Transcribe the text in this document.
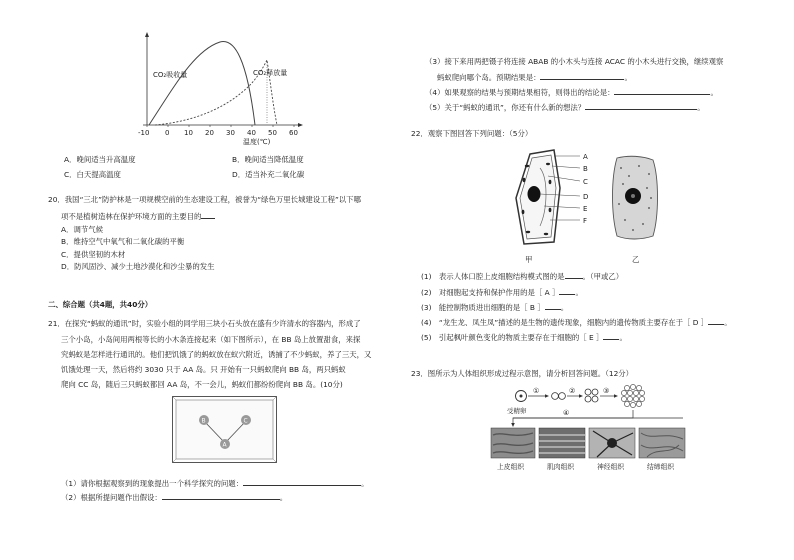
-10 0 10 20 30 40 50 60
CO₂吸收量	CO₂释放量
温度(℃)
A．晚间适当升高温度	B．晚间适当降低温度
C．白天提高温度	D．适当补充二氧化碳
20．我国“三北”防护林是一项规模空前的生态建设工程，被誉为“绿色万里长城建设工程”以下哪
项不是植树造林在保护环境方面的主要目的
A．调节气候
B．维持空气中氧气和二氧化碳的平衡
C．提供坚韧的木材
D．防风固沙、减少土地沙漠化和沙尘暴的发生
二、综合题（共4题，共40分）
21．在探究“蚂蚁的通讯”时，实验小组的同学用三块小石头放在盛有少许清水的容器内，形成了
三个小岛，小岛间用两根等长的小木条连接起来（如下图所示），在 BB 岛上放置甜食，来探
究蚂蚁是怎样进行通讯的。他们把饥饿了的蚂蚁放在蚁穴附近，诱捕了不少蚂蚁，养了三天，又
饥饿处理一天，然后将约 3030 只于 AA 岛。只 开始有一只蚂蚁爬向 BB 岛，两只蚂蚁
爬向 CC 岛，随后三只蚂蚁都回 AA 岛，不一会儿，蚂蚁们都纷纷爬向 BB 岛。(10分)
B	C
A
（1）请你根据观察到的现象提出一个科学探究的问题：	。
（2）根据所提问题作出假设：	。
（3）接下来用两把镊子将连接 ABAB 的小木头与连接 ACAC 的小木头进行交换，继续观察
蚂蚁爬向哪个岛。预期结果是：	。
（4）如果观察的结果与预期结果相符，则得出的结论是：	。
（5）关于“蚂蚁的通讯”，你还有什么新的想法？	。
22．观察下图回答下列问题：（5分）
A
B
C
D
E
F
甲	乙
(1)　表示人体口腔上皮细胞结构模式图的是 。（甲或乙）
(2)　对细胞起支持和保护作用的是［ A ］ 。
(3)　能控制物质进出细胞的是［ B ］ 。
(4)　“龙生龙、凤生凤”描述的是生物的遗传现象，细胞内的遗传物质主要存在于［ D ］ 。
(5)　引起枫叶颜色变化的物质主要存在于细胞的［ E ］ 。
23．图所示为人体组织形成过程示意图，请分析回答问题。（12分）
受精卵
①	②	③
④
上皮组织	肌肉组织	神经组织	结缔组织
